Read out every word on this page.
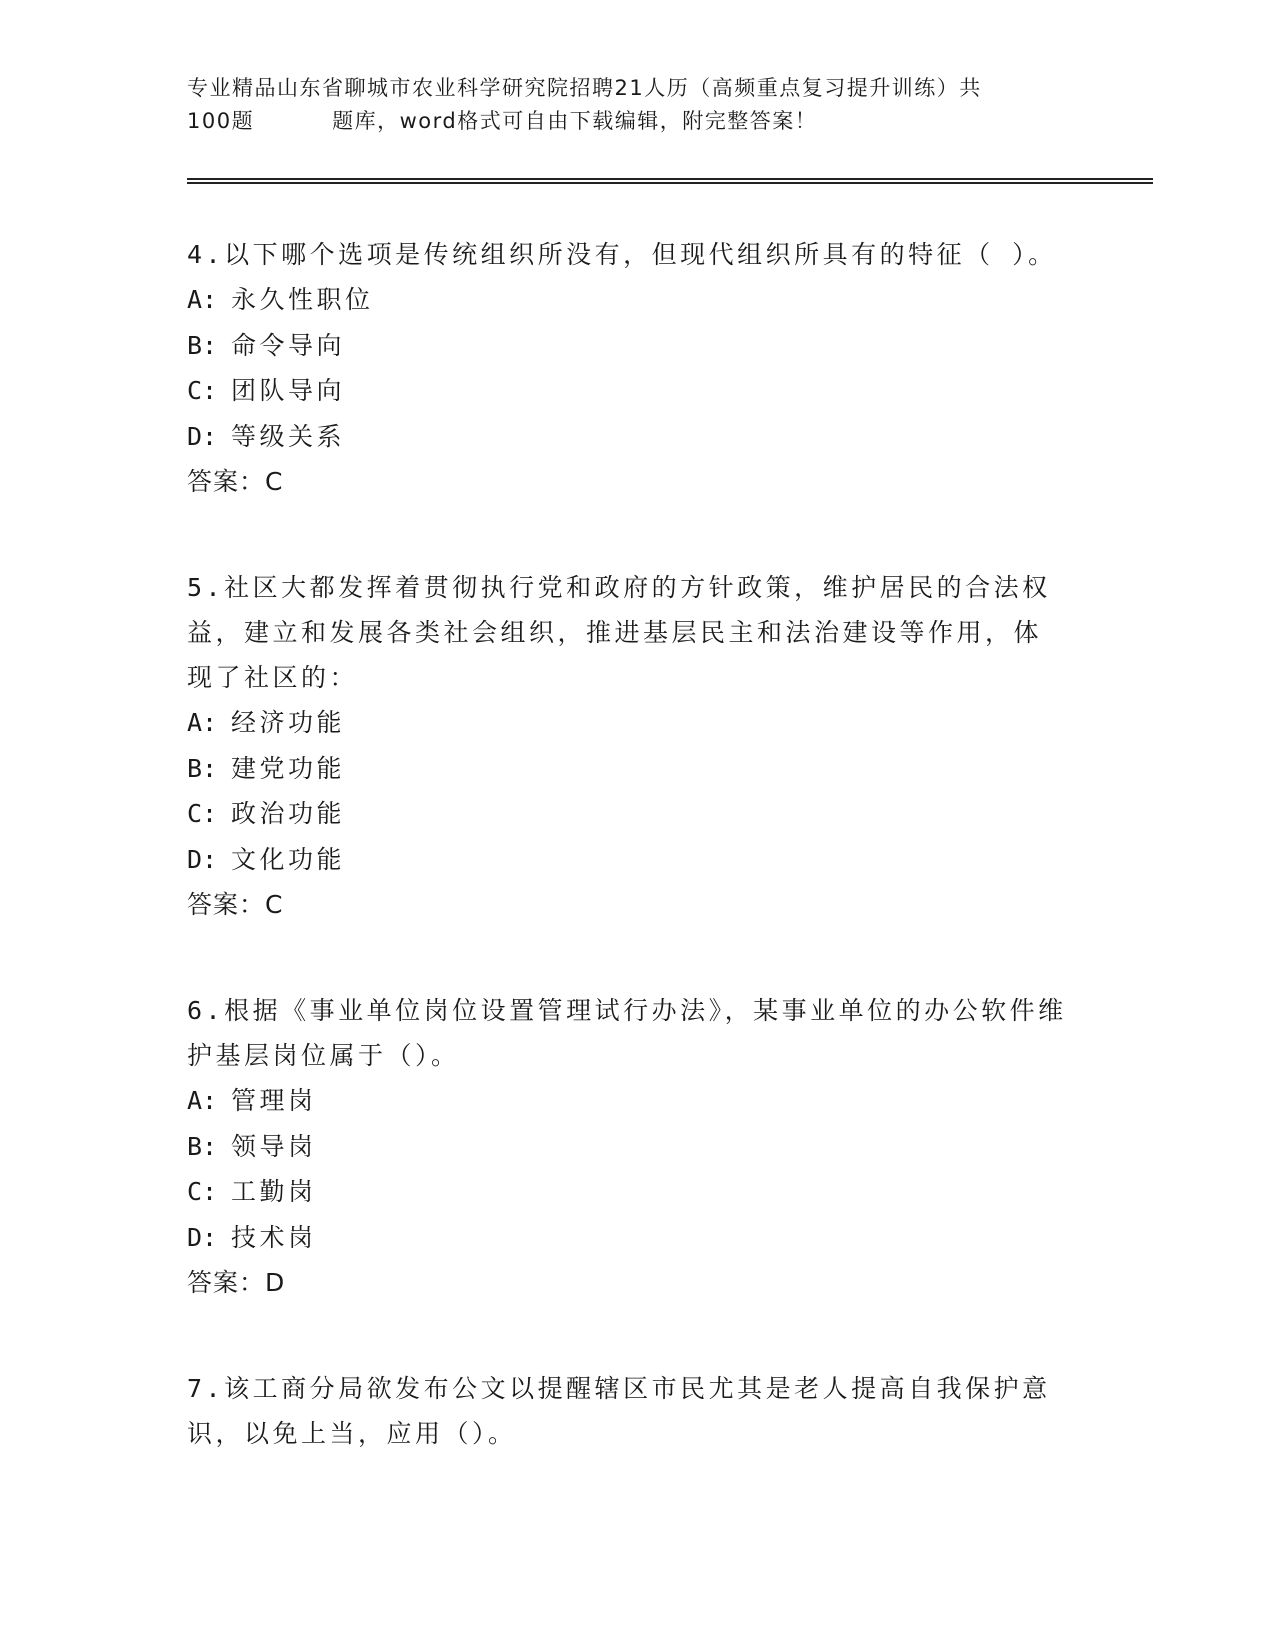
专业精品山东省聊城市农业科学研究院招聘21人历（高频重点复习提升训练）共
100题	题库，word格式可自由下载编辑，附完整答案！

4.以下哪个选项是传统组织所没有，但现代组织所具有的特征（ ）。

A: 永久性职位

B: 命令导向

C: 团队导向

D: 等级关系

答案：C

5.社区大都发挥着贯彻执行党和政府的方针政策，维护居民的合法权益，建立和发展各类社会组织，推进基层民主和法治建设等作用，体现了社区的：

A: 经济功能

B: 建党功能

C: 政治功能

D: 文化功能

答案：C

6.根据《事业单位岗位设置管理试行办法》，某事业单位的办公软件维护基层岗位属于（）。

A: 管理岗

B: 领导岗

C: 工勤岗

D: 技术岗

答案：D

7.该工商分局欲发布公文以提醒辖区市民尤其是老人提高自我保护意识，以免上当，应用（）。
